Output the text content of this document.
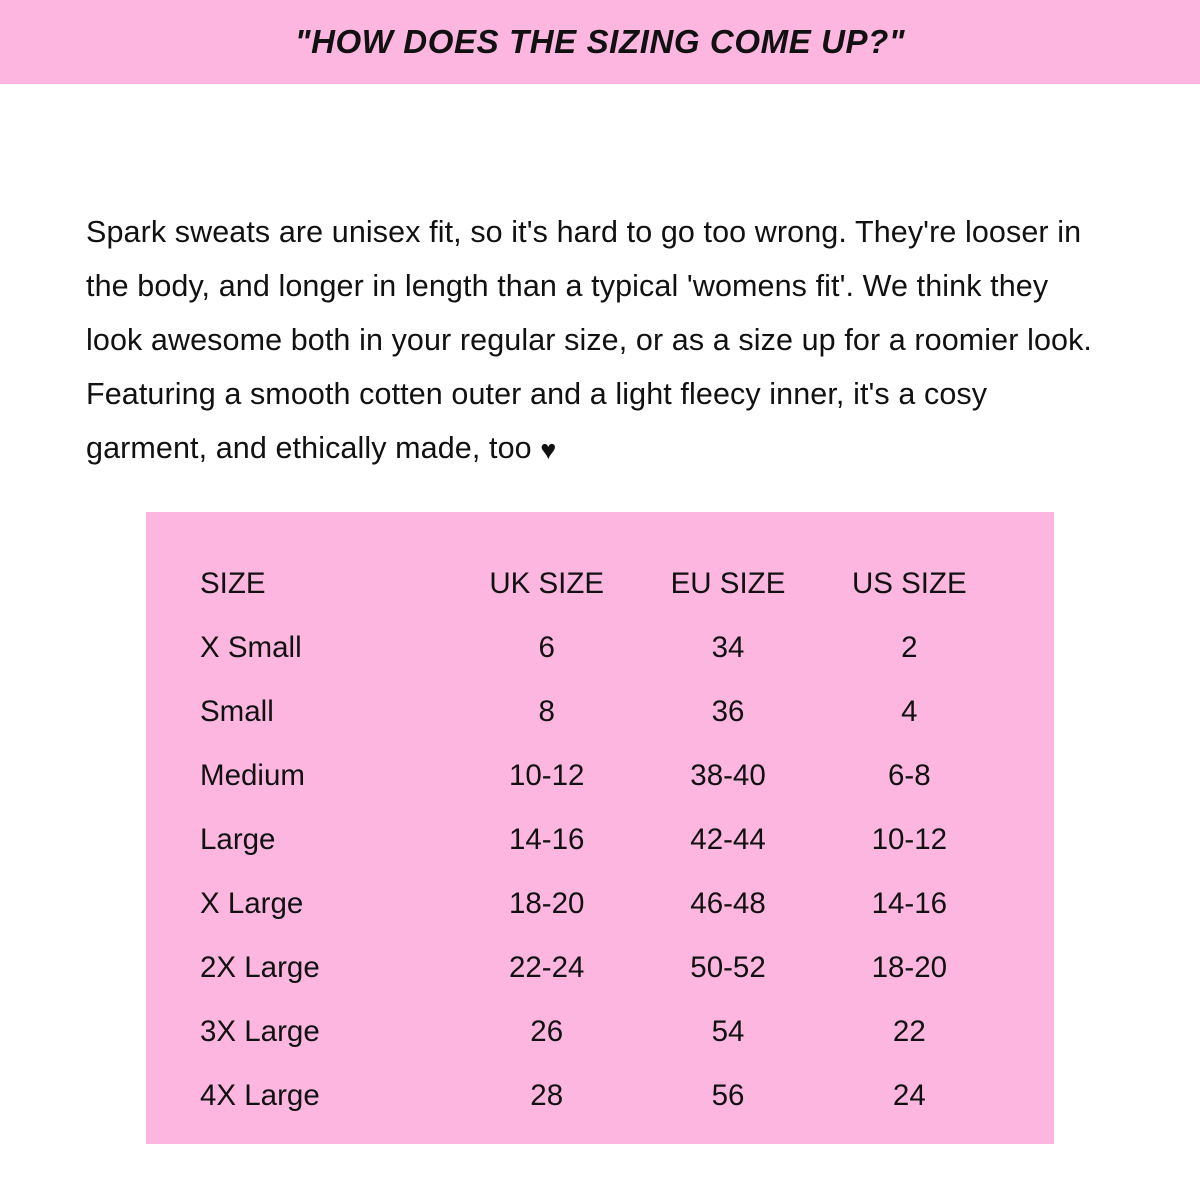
"HOW DOES THE SIZING COME UP?"

Spark sweats are unisex fit, so it's hard to go too wrong. They're looser in the body, and longer in length than a typical 'womens fit'. We think they look awesome both in your regular size, or as a size up for a roomier look. Featuring a smooth cotten outer and a light fleecy inner, it's a cosy garment, and ethically made, too ♥

SIZE	UK SIZE	EU SIZE	US SIZE
X Small	6	34	2
Small	8	36	4
Medium	10-12	38-40	6-8
Large	14-16	42-44	10-12
X Large	18-20	46-48	14-16
2X Large	22-24	50-52	18-20
3X Large	26	54	22
4X Large	28	56	24
